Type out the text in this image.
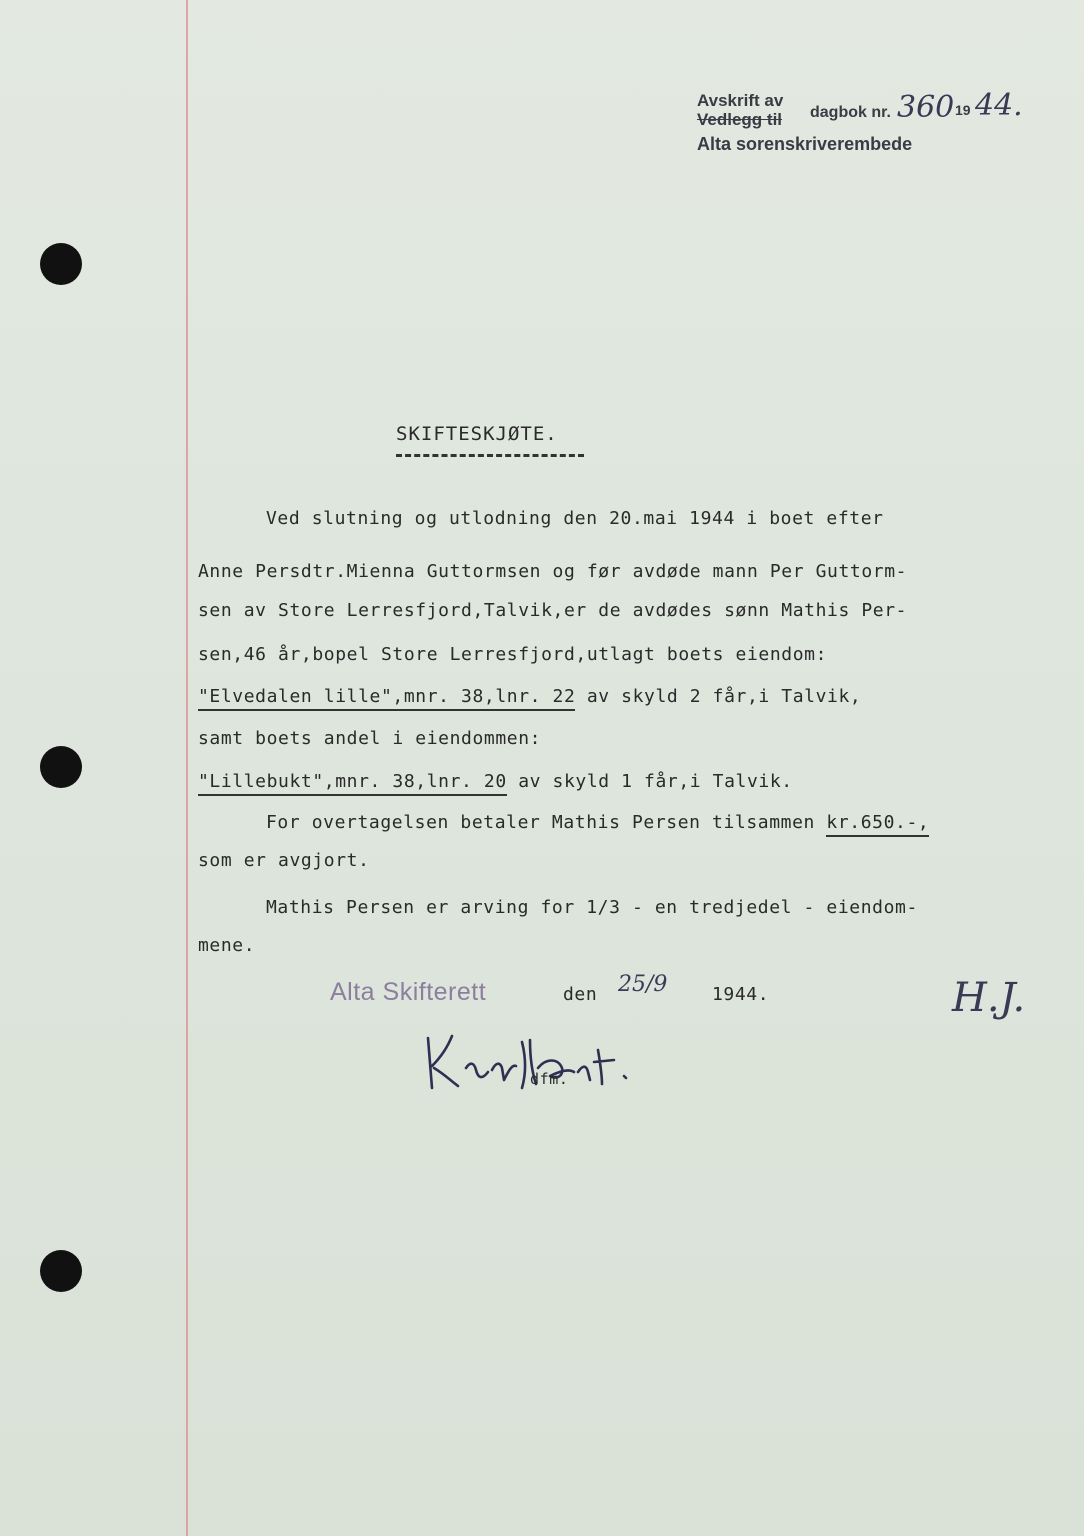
Avskrift av
Vedlegg til dagbok nr. 360 19 44.
Alta sorenskriverembede
SKIFTESKJØTE.
Ved slutning og utlodning den 20.mai 1944 i boet efter
Anne Persdtr.Mienna Guttormsen og før avdøde mann Per Guttorm-
sen av Store Lerresfjord,Talvik,er de avdødes sønn Mathis Per-
sen,46 år,bopel Store Lerresfjord,utlagt boets eiendom:
"Elvedalen lille",mnr. 38,lnr. 22 av skyld 2 får,i Talvik,
samt boets andel i eiendommen:
"Lillebukt",mnr. 38,lnr. 20 av skyld 1 får,i Talvik.
For overtagelsen betaler Mathis Persen tilsammen kr.650.-,
som er avgjort.
Mathis Persen er arving for 1/3 - en tredjedel - eiendom-
mene.
Alta Skifterett	den 25/9 1944.	H.J.
dfm.
